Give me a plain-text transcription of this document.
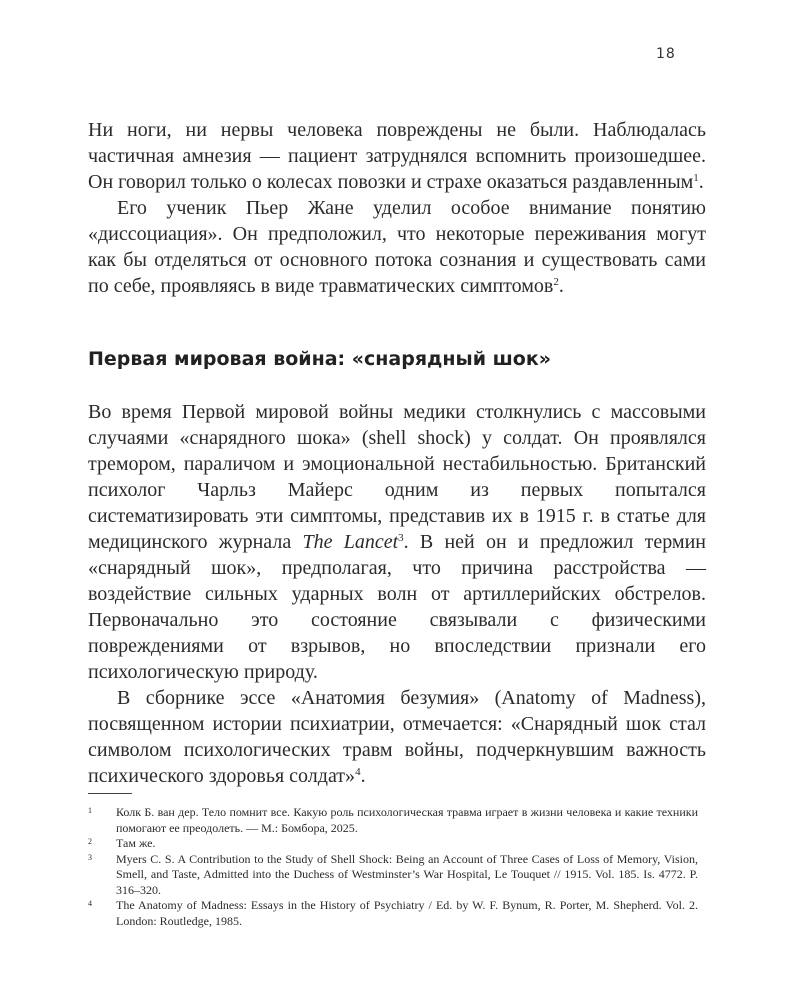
18

Ни ноги, ни нервы человека повреждены не были. Наблюдалась частичная амнезия — пациент затруднялся вспомнить произошедшее. Он говорил только о колесах повозки и страхе оказаться раздавленным$^1$.

Его ученик Пьер Жане уделил особое внимание понятию «диссоциация». Он предположил, что некоторые переживания могут как бы отделяться от основного потока сознания и существовать сами по себе, проявляясь в виде травматических симптомов$^2$.

Первая мировая война: «снарядный шок»

Во время Первой мировой войны медики столкнулись с массовыми случаями «снарядного шока» (shell shock) у солдат. Он проявлялся тремором, параличом и эмоциональной нестабильностью. Британский психолог Чарльз Майерс одним из первых попытался систематизировать эти симптомы, представив их в 1915 г. в статье для медицинского журнала The Lancet$^3$. В ней он и предложил термин «снарядный шок», предполагая, что причина расстройства — воздействие сильных ударных волн от артиллерийских обстрелов. Первоначально это состояние связывали с физическими повреждениями от взрывов, но впоследствии признали его психологическую природу.

В сборнике эссе «Анатомия безумия» (Anatomy of Madness), посвященном истории психиатрии, отмечается: «Снарядный шок стал символом психологических травм войны, подчеркнувшим важность психического здоровья солдат»$^4$.

1 Колк Б. ван дер. Тело помнит все. Какую роль психологическая травма играет в жизни человека и какие техники помогают ее преодолеть. — М.: Бомбора, 2025.
2 Там же.
3 Myers C. S. A Contribution to the Study of Shell Shock: Being an Account of Three Cases of Loss of Memory, Vision, Smell, and Taste, Admitted into the Duchess of Westminster’s War Hospital, Le Touquet // 1915. Vol. 185. Is. 4772. P. 316–320.
4 The Anatomy of Madness: Essays in the History of Psychiatry / Ed. by W. F. Bynum, R. Porter, M. Shepherd. Vol. 2. London: Routledge, 1985.
